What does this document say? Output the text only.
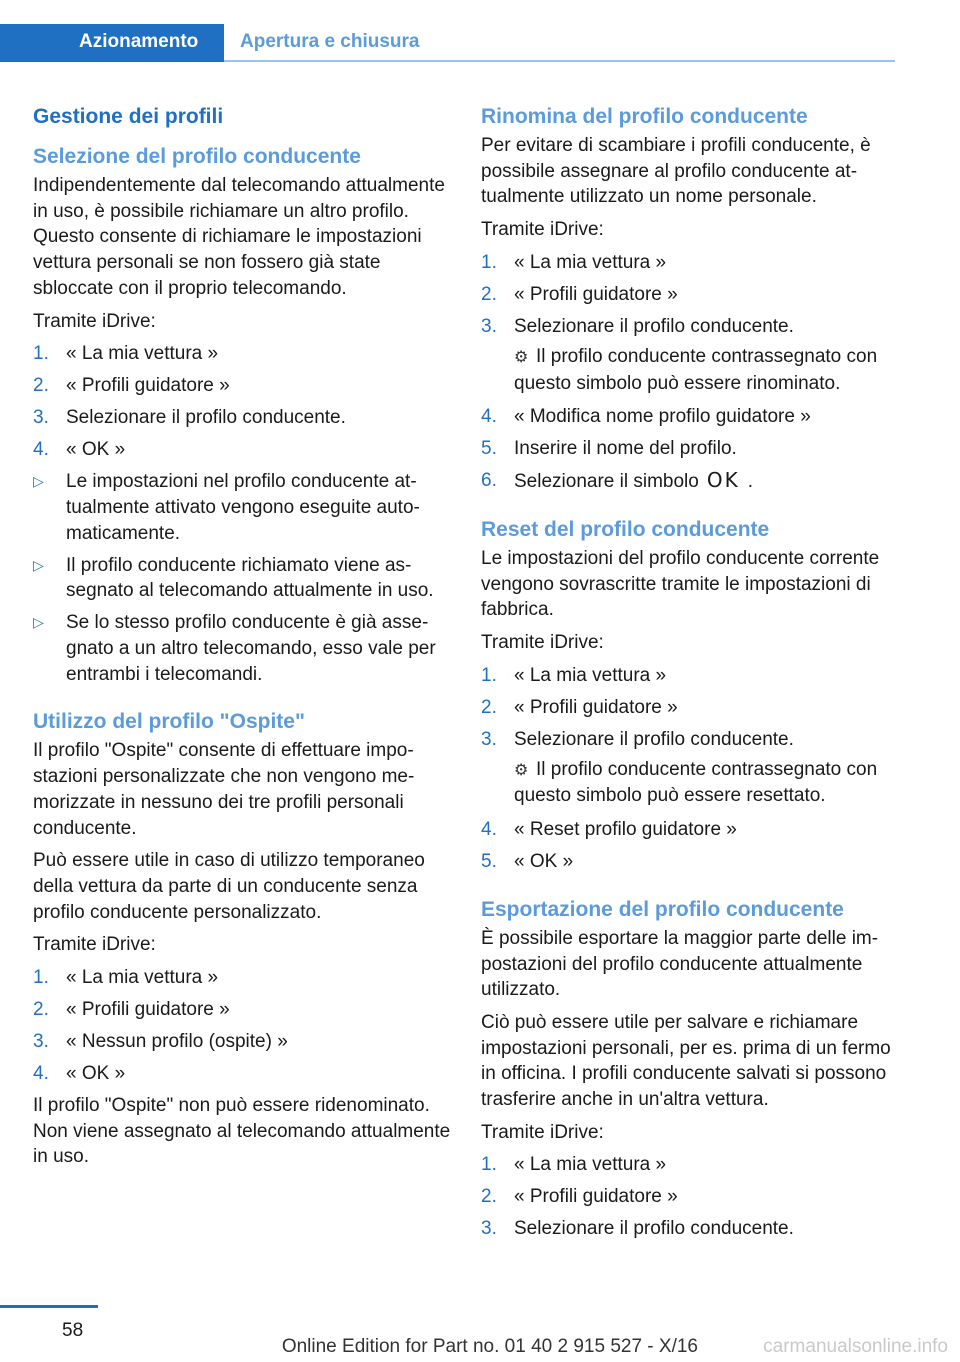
Azionamento	Apertura e chiusura
Gestione dei profili
Selezione del profilo conducente

Indipendentemente dal telecomando attualmente in uso, è possibile richiamare un altro profilo. Questo consente di richiamare le impostazioni vettura personali se non fossero già state sbloccate con il proprio telecomando.

Tramite iDrive:

1. « La mia vettura »
2. « Profili guidatore »
3. Selezionare il profilo conducente.
4. « OK »
▷ Le impostazioni nel profilo conducente attualmente attivato vengono eseguite automaticamente.
▷ Il profilo conducente richiamato viene assegnato al telecomando attualmente in uso.
▷ Se lo stesso profilo conducente è già assegnato a un altro telecomando, esso vale per entrambi i telecomandi.
Utilizzo del profilo "Ospite"

Il profilo "Ospite" consente di effettuare impostazioni personalizzate che non vengono memorizzate in nessuno dei tre profili personali conducente.

Può essere utile in caso di utilizzo temporaneo della vettura da parte di un conducente senza profilo conducente personalizzato.

Tramite iDrive:

1. « La mia vettura »
2. « Profili guidatore »
3. « Nessun profilo (ospite) »
4. « OK »

Il profilo "Ospite" non può essere ridenominato. Non viene assegnato al telecomando attualmente in uso.

Rinomina del profilo conducente

Per evitare di scambiare i profili conducente, è possibile assegnare al profilo conducente attualmente utilizzato un nome personale.

Tramite iDrive:

1. « La mia vettura »
2. « Profili guidatore »
3. Selezionare il profilo conducente.

⚙ Il profilo conducente contrassegnato con questo simbolo può essere rinominato.

4. « Modifica nome profilo guidatore »
5. Inserire il nome del profilo.
6. Selezionare il simbolo OK .
Reset del profilo conducente

Le impostazioni del profilo conducente corrente vengono sovrascritte tramite le impostazioni di fabbrica.

Tramite iDrive:

1. « La mia vettura »
2. « Profili guidatore »
3. Selezionare il profilo conducente.

⚙ Il profilo conducente contrassegnato con questo simbolo può essere resettato.

4. « Reset profilo guidatore »
5. « OK »
Esportazione del profilo conducente

È possibile esportare la maggior parte delle impostazioni del profilo conducente attualmente utilizzato.

Ciò può essere utile per salvare e richiamare impostazioni personali, per es. prima di un fermo in officina. I profili conducente salvati si possono trasferire anche in un'altra vettura.

Tramite iDrive:

1. « La mia vettura »
2. « Profili guidatore »
3. Selezionare il profilo conducente.
58
Online Edition for Part no. 01 40 2 915 527 - X/16	carmanualsonline.info
